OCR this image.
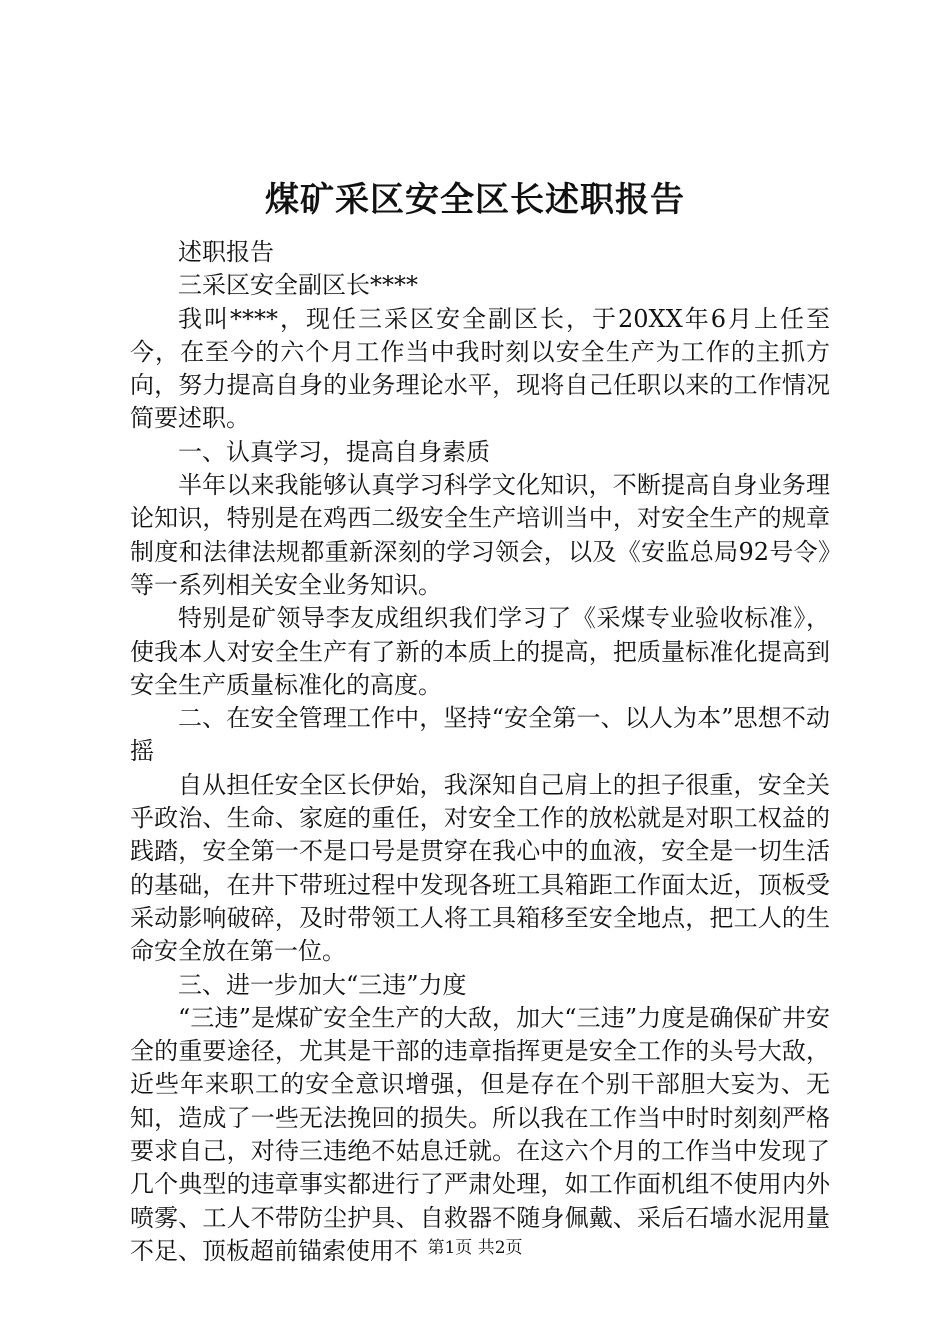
煤矿采区安全区长述职报告

述职报告

三采区安全副区长****

我叫****，现任三采区安全副区长，于20XX年6月上任至今，在至今的六个月工作当中我时刻以安全生产为工作的主抓方向，努力提高自身的业务理论水平，现将自己任职以来的工作情况简要述职。

一、认真学习，提高自身素质

半年以来我能够认真学习科学文化知识，不断提高自身业务理论知识，特别是在鸡西二级安全生产培训当中，对安全生产的规章制度和法律法规都重新深刻的学习领会，以及《安监总局92号令》等一系列相关安全业务知识。

特别是矿领导李友成组织我们学习了《采煤专业验收标准》，使我本人对安全生产有了新的本质上的提高，把质量标准化提高到安全生产质量标准化的高度。

二、在安全管理工作中，坚持“安全第一、以人为本”思想不动摇

自从担任安全区长伊始，我深知自己肩上的担子很重，安全关乎政治、生命、家庭的重任，对安全工作的放松就是对职工权益的践踏，安全第一不是口号是贯穿在我心中的血液，安全是一切生活的基础，在井下带班过程中发现各班工具箱距工作面太近，顶板受采动影响破碎，及时带领工人将工具箱移至安全地点，把工人的生命安全放在第一位。

三、进一步加大“三违”力度

“三违”是煤矿安全生产的大敌，加大“三违”力度是确保矿井安全的重要途径，尤其是干部的违章指挥更是安全工作的头号大敌，近些年来职工的安全意识增强，但是存在个别干部胆大妄为、无知，造成了一些无法挽回的损失。所以我在工作当中时时刻刻严格要求自己，对待三违绝不姑息迁就。在这六个月的工作当中发现了几个典型的违章事实都进行了严肃处理，如工作面机组不使用内外喷雾、工人不带防尘护具、自救器不随身佩戴、采后石墙水泥用量不足、顶板超前锚索使用不 第1页 共2页
